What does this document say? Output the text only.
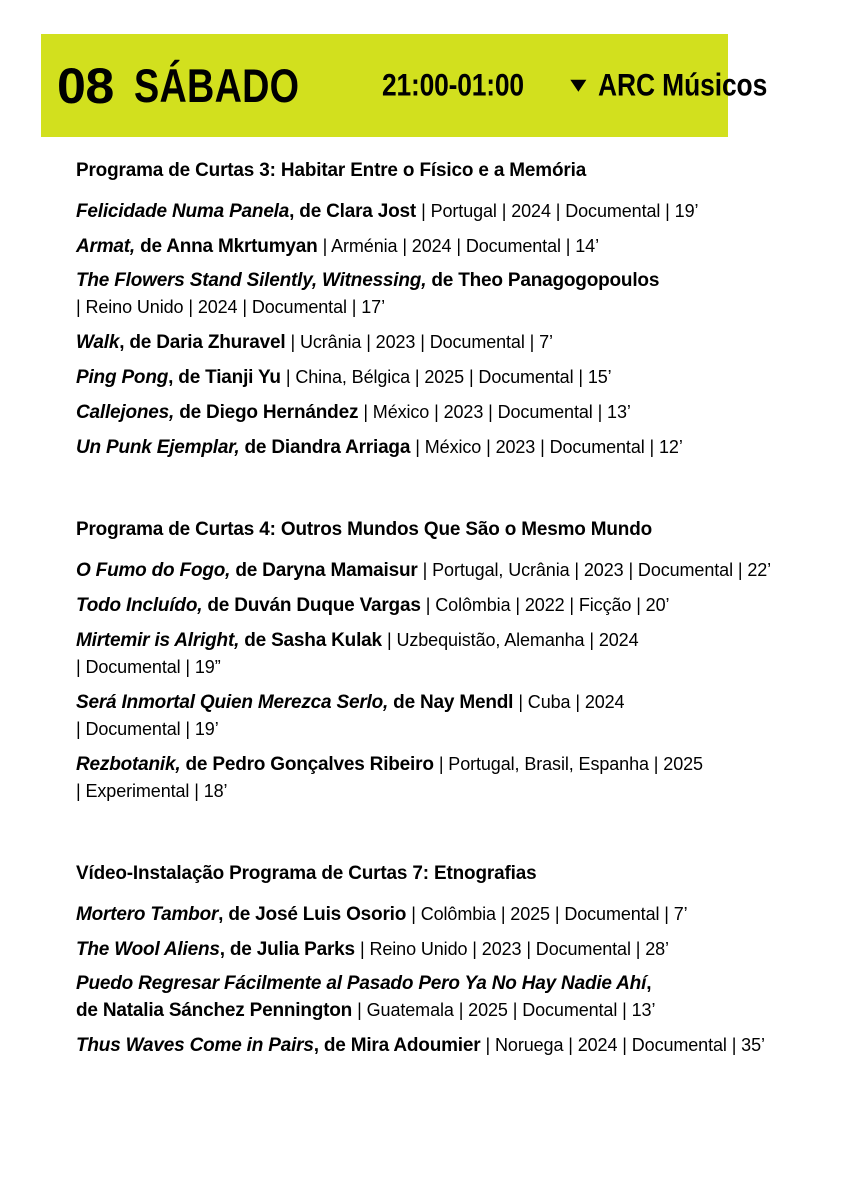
08 SÁBADO	21:00-01:00 ▼ ARC Músicos
Programa de Curtas 3: Habitar Entre o Físico e a Memória
Felicidade Numa Panela, de Clara Jost | Portugal | 2024 | Documental | 19’
Armat, de Anna Mkrtumyan | Arménia | 2024 | Documental | 14’
The Flowers Stand Silently, Witnessing, de Theo Panagogopoulos
| Reino Unido | 2024 | Documental | 17’
Walk, de Daria Zhuravel | Ucrânia | 2023 | Documental | 7’
Ping Pong, de Tianji Yu | China, Bélgica | 2025 | Documental | 15’
Callejones, de Diego Hernández | México | 2023 | Documental | 13’
Un Punk Ejemplar, de Diandra Arriaga | México | 2023 | Documental | 12’
Programa de Curtas 4: Outros Mundos Que São o Mesmo Mundo
O Fumo do Fogo, de Daryna Mamaisur | Portugal, Ucrânia | 2023 | Documental | 22’
Todo Incluído, de Duván Duque Vargas | Colômbia | 2022 | Ficção | 20’
Mirtemir is Alright, de Sasha Kulak | Uzbequistão, Alemanha | 2024
| Documental | 19”
Será Inmortal Quien Merezca Serlo, de Nay Mendl | Cuba | 2024
| Documental | 19’
Rezbotanik, de Pedro Gonçalves Ribeiro | Portugal, Brasil, Espanha | 2025
| Experimental | 18’
Vídeo-Instalação Programa de Curtas 7: Etnografias
Mortero Tambor, de José Luis Osorio | Colômbia | 2025 | Documental | 7’
The Wool Aliens, de Julia Parks | Reino Unido | 2023 | Documental | 28’
Puedo Regresar Fácilmente al Pasado Pero Ya No Hay Nadie Ahí,
de Natalia Sánchez Pennington | Guatemala | 2025 | Documental | 13’
Thus Waves Come in Pairs, de Mira Adoumier | Noruega | 2024 | Documental | 35’
